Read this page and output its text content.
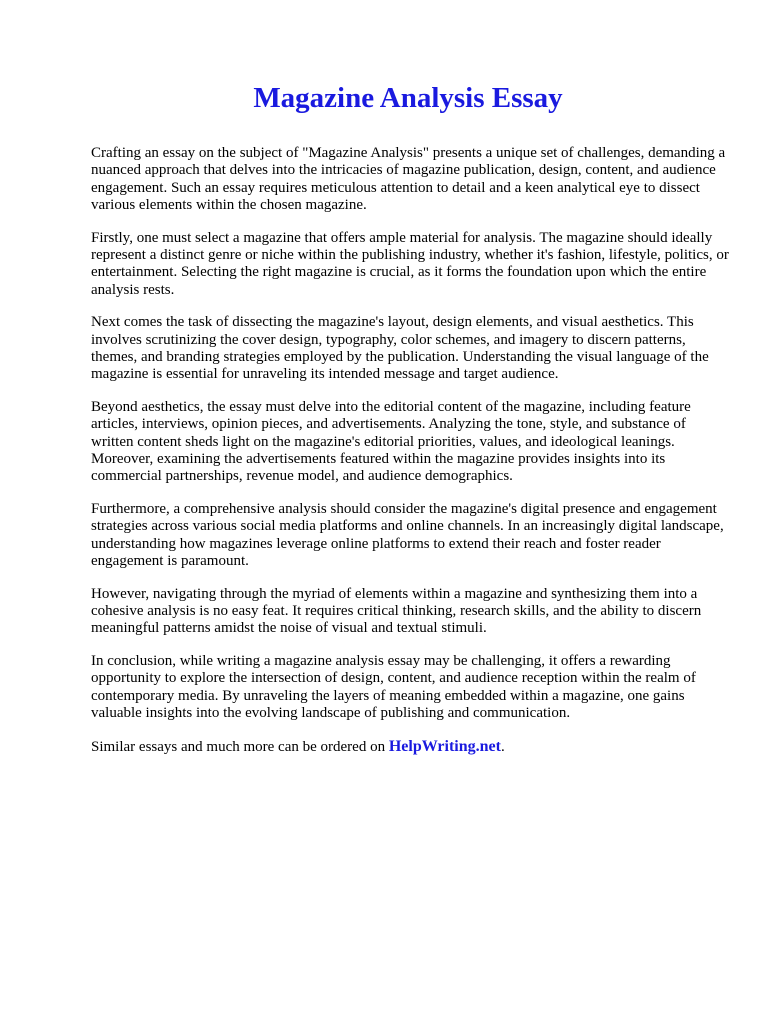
Magazine Analysis Essay

Crafting an essay on the subject of "Magazine Analysis" presents a unique set of challenges, demanding a nuanced approach that delves into the intricacies of magazine publication, design, content, and audience engagement. Such an essay requires meticulous attention to detail and a keen analytical eye to dissect various elements within the chosen magazine.

Firstly, one must select a magazine that offers ample material for analysis. The magazine should ideally represent a distinct genre or niche within the publishing industry, whether it's fashion, lifestyle, politics, or entertainment. Selecting the right magazine is crucial, as it forms the foundation upon which the entire analysis rests.

Next comes the task of dissecting the magazine's layout, design elements, and visual aesthetics. This involves scrutinizing the cover design, typography, color schemes, and imagery to discern patterns, themes, and branding strategies employed by the publication. Understanding the visual language of the magazine is essential for unraveling its intended message and target audience.

Beyond aesthetics, the essay must delve into the editorial content of the magazine, including feature articles, interviews, opinion pieces, and advertisements. Analyzing the tone, style, and substance of written content sheds light on the magazine's editorial priorities, values, and ideological leanings. Moreover, examining the advertisements featured within the magazine provides insights into its commercial partnerships, revenue model, and audience demographics.

Furthermore, a comprehensive analysis should consider the magazine's digital presence and engagement strategies across various social media platforms and online channels. In an increasingly digital landscape, understanding how magazines leverage online platforms to extend their reach and foster reader engagement is paramount.

However, navigating through the myriad of elements within a magazine and synthesizing them into a cohesive analysis is no easy feat. It requires critical thinking, research skills, and the ability to discern meaningful patterns amidst the noise of visual and textual stimuli.

In conclusion, while writing a magazine analysis essay may be challenging, it offers a rewarding opportunity to explore the intersection of design, content, and audience reception within the realm of contemporary media. By unraveling the layers of meaning embedded within a magazine, one gains valuable insights into the evolving landscape of publishing and communication.

Similar essays and much more can be ordered on HelpWriting.net.
